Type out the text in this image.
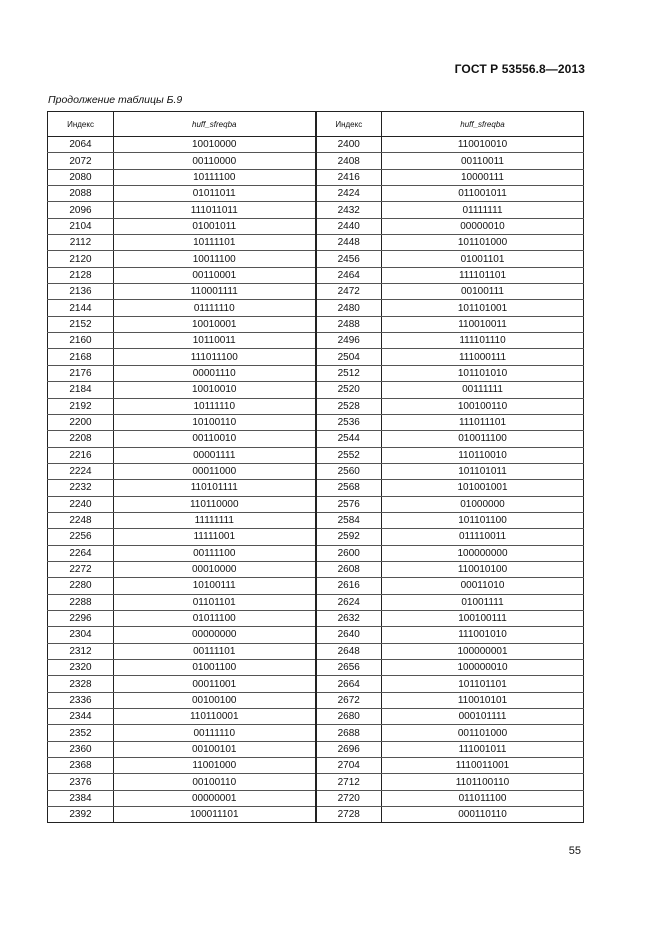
ГОСТ Р 53556.8—2013
Продолжение таблицы Б.9
Индекс	huff_sfreqba	Индекс	huff_sfreqba
2064	10010000	2400	110010010
2072	00110000	2408	00110011
2080	10111100	2416	10000111
2088	01011011	2424	011001011
2096	111011011	2432	01111111
2104	01001011	2440	00000010
2112	10111101	2448	101101000
2120	10011100	2456	01001101
2128	00110001	2464	111101101
2136	110001111	2472	00100111
2144	01111110	2480	101101001
2152	10010001	2488	110010011
2160	10110011	2496	111101110
2168	111011100	2504	111000111
2176	00001110	2512	101101010
2184	10010010	2520	00111111
2192	10111110	2528	100100110
2200	10100110	2536	111011101
2208	00110010	2544	010011100
2216	00001111	2552	110110010
2224	00011000	2560	101101011
2232	110101111	2568	101001001
2240	110110000	2576	01000000
2248	11111111	2584	101101100
2256	11111001	2592	011110011
2264	00111100	2600	100000000
2272	00010000	2608	110010100
2280	10100111	2616	00011010
2288	01101101	2624	01001111
2296	01011100	2632	100100111
2304	00000000	2640	111001010
2312	00111101	2648	100000001
2320	01001100	2656	100000010
2328	00011001	2664	101101101
2336	00100100	2672	110010101
2344	110110001	2680	000101111
2352	00111110	2688	001101000
2360	00100101	2696	111001011
2368	11001000	2704	1110011001
2376	00100110	2712	1101100110
2384	00000001	2720	011011100
2392	100011101	2728	000110110
55
